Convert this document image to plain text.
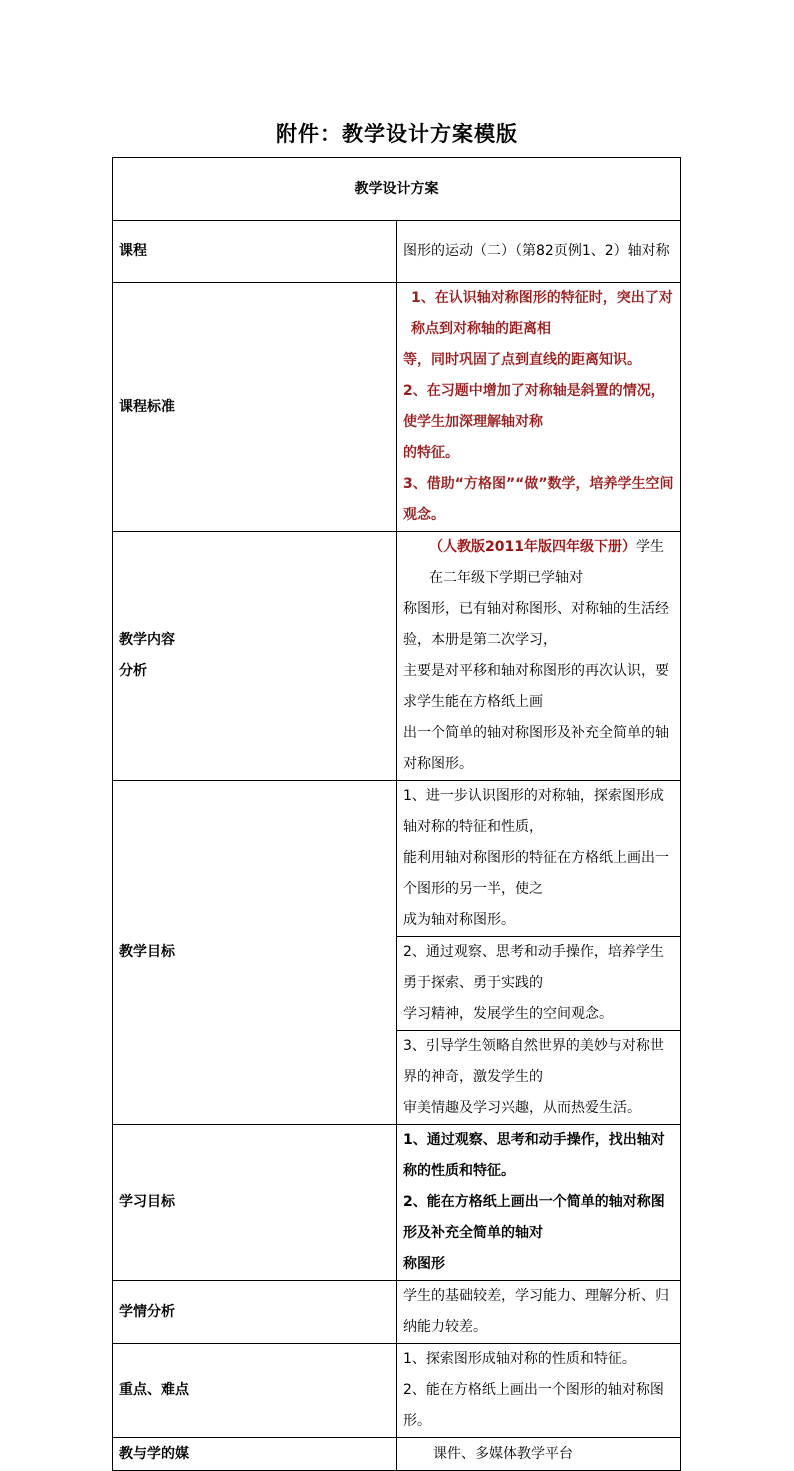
附件：教学设计方案模版
教学设计方案	
课程	图形的运动（二）（第82页例1、2）轴对称
课程标准	1、在认识轴对称图形的特征时，突出了对称点到对称轴的距离相
等，同时巩固了点到直线的距离知识。
2、在习题中增加了对称轴是斜置的情况，使学生加深理解轴对称
的特征。
3、借助“方格图”“做”数学，培养学生空间观念。

教学内容
分析	（人教版2011年版四年级下册）学生在二年级下学期已学轴对
称图形，已有轴对称图形、对称轴的生活经验，本册是第二次学习，
主要是对平移和轴对称图形的再次认识，要求学生能在方格纸上画
出一个简单的轴对称图形及补充全简单的轴对称图形。

教学目标	1、进一步认识图形的对称轴，探索图形成轴对称的特征和性质，
能利用轴对称图形的特征在方格纸上画出一个图形的另一半，使之
成为轴对称图形。

	2、通过观察、思考和动手操作，培养学生勇于探索、勇于实践的
学习精神，发展学生的空间观念。

	3、引导学生领略自然世界的美妙与对称世界的神奇，激发学生的
审美情趣及学习兴趣，从而热爱生活。

学习目标	1、通过观察、思考和动手操作，找出轴对称的性质和特征。
2、能在方格纸上画出一个简单的轴对称图形及补充全简单的轴对
称图形

学情分析	学生的基础较差，学习能力、理解分析、归纳能力较差。
重点、难点	1、探索图形成轴对称的性质和特征。
2、能在方格纸上画出一个图形的轴对称图形。

教与学的媒	课件、多媒体教学平台
